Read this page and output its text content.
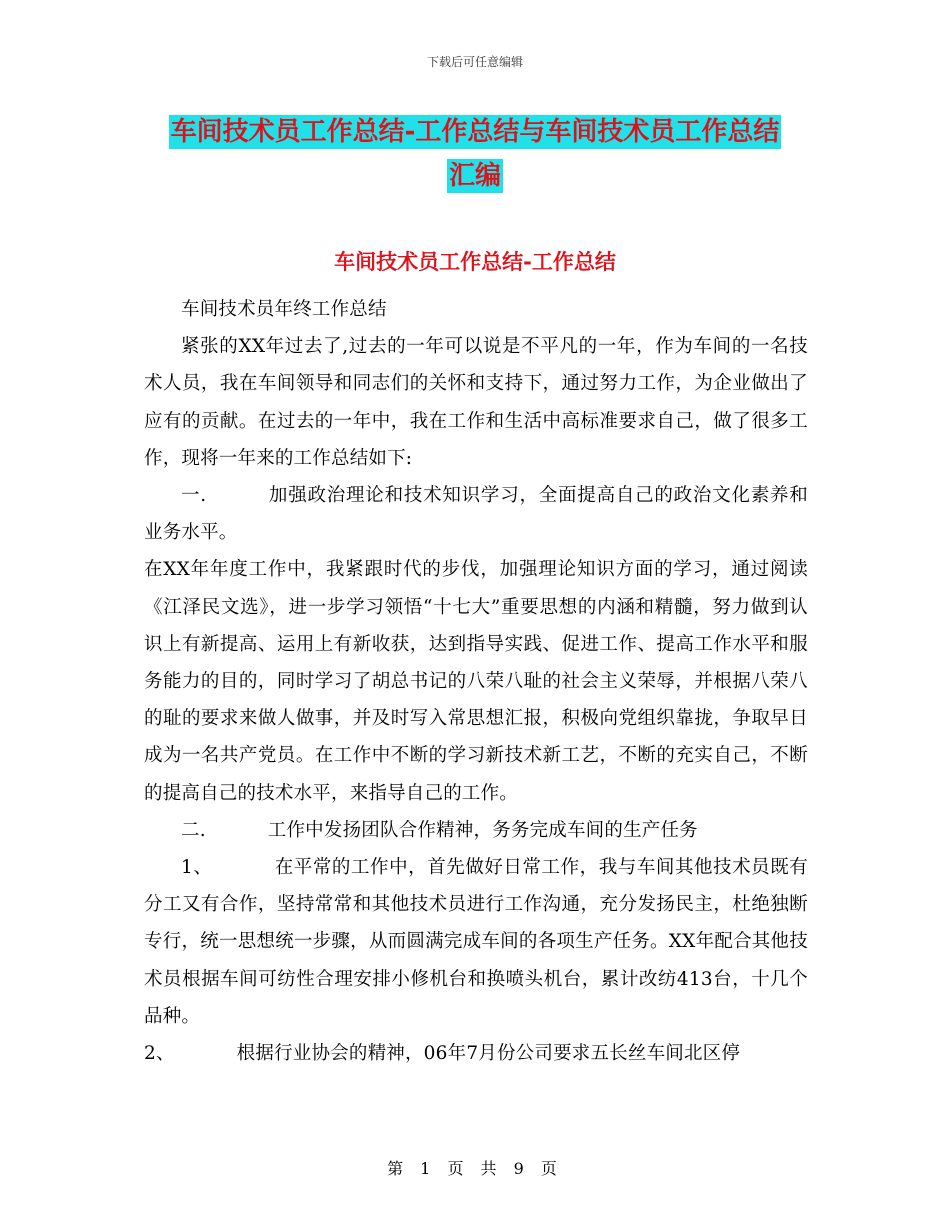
下载后可任意编辑
车间技术员工作总结-工作总结与车间技术员工作总结
汇编
车间技术员工作总结-工作总结

车间技术员年终工作总结

紧张的XX年过去了,过去的一年可以说是不平凡的一年，作为车间的一名技术人员，我在车间领导和同志们的关怀和支持下，通过努力工作，为企业做出了应有的贡献。在过去的一年中，我在工作和生活中高标准要求自己，做了很多工作，现将一年来的工作总结如下:

一.	加强政治理论和技术知识学习，全面提高自己的政治文化素养和业务水平。

在XX年年度工作中，我紧跟时代的步伐，加强理论知识方面的学习，通过阅读《江泽民文选》，进一步学习领悟“十七大”重要思想的内涵和精髓，努力做到认识上有新提高、运用上有新收获，达到指导实践、促进工作、提高工作水平和服务能力的目的，同时学习了胡总书记的八荣八耻的社会主义荣辱，并根据八荣八的耻的要求来做人做事，并及时写入常思想汇报，积极向党组织靠拢，争取早日成为一名共产党员。在工作中不断的学习新技术新工艺，不断的充实自己，不断的提高自己的技术水平，来指导自己的工作。

二.	工作中发扬团队合作精神，务务完成车间的生产任务

1、	在平常的工作中，首先做好日常工作，我与车间其他技术员既有分工又有合作，坚持常常和其他技术员进行工作沟通，充分发扬民主，杜绝独断专行，统一思想统一步骤，从而圆满完成车间的各项生产任务。XX年配合其他技术员根据车间可纺性合理安排小修机台和换喷头机台，累计改纺413台，十几个品种。

2、	根据行业协会的精神，06年7月份公司要求五长丝车间北区停

第 1 页 共 9 页
